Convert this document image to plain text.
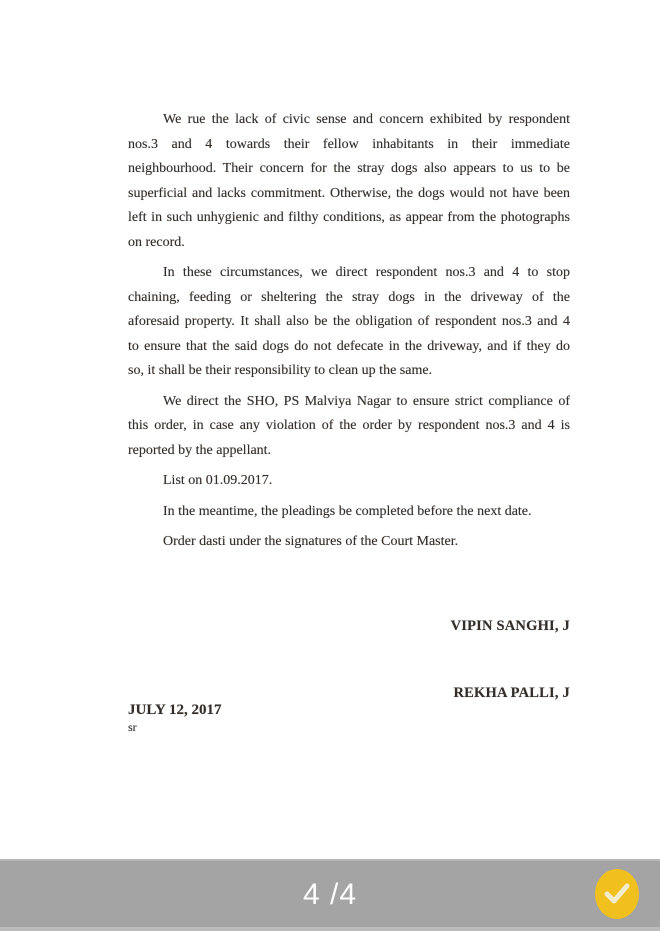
We rue the lack of civic sense and concern exhibited by respondent
nos.3 and 4 towards their fellow inhabitants in their immediate
neighbourhood. Their concern for the stray dogs also appears to us to be
superficial and lacks commitment. Otherwise, the dogs would not have been
left in such unhygienic and filthy conditions, as appear from the photographs
on record.
In these circumstances, we direct respondent nos.3 and 4 to stop
chaining, feeding or sheltering the stray dogs in the driveway of the
aforesaid property. It shall also be the obligation of respondent nos.3 and 4
to ensure that the said dogs do not defecate in the driveway, and if they do
so, it shall be their responsibility to clean up the same.
We direct the SHO, PS Malviya Nagar to ensure strict compliance of
this order, in case any violation of the order by respondent nos.3 and 4 is
reported by the appellant.
List on 01.09.2017.
In the meantime, the pleadings be completed before the next date.
Order dasti under the signatures of the Court Master.
VIPIN SANGHI, J
REKHA PALLI, J
JULY 12, 2017
sr
4 /4
